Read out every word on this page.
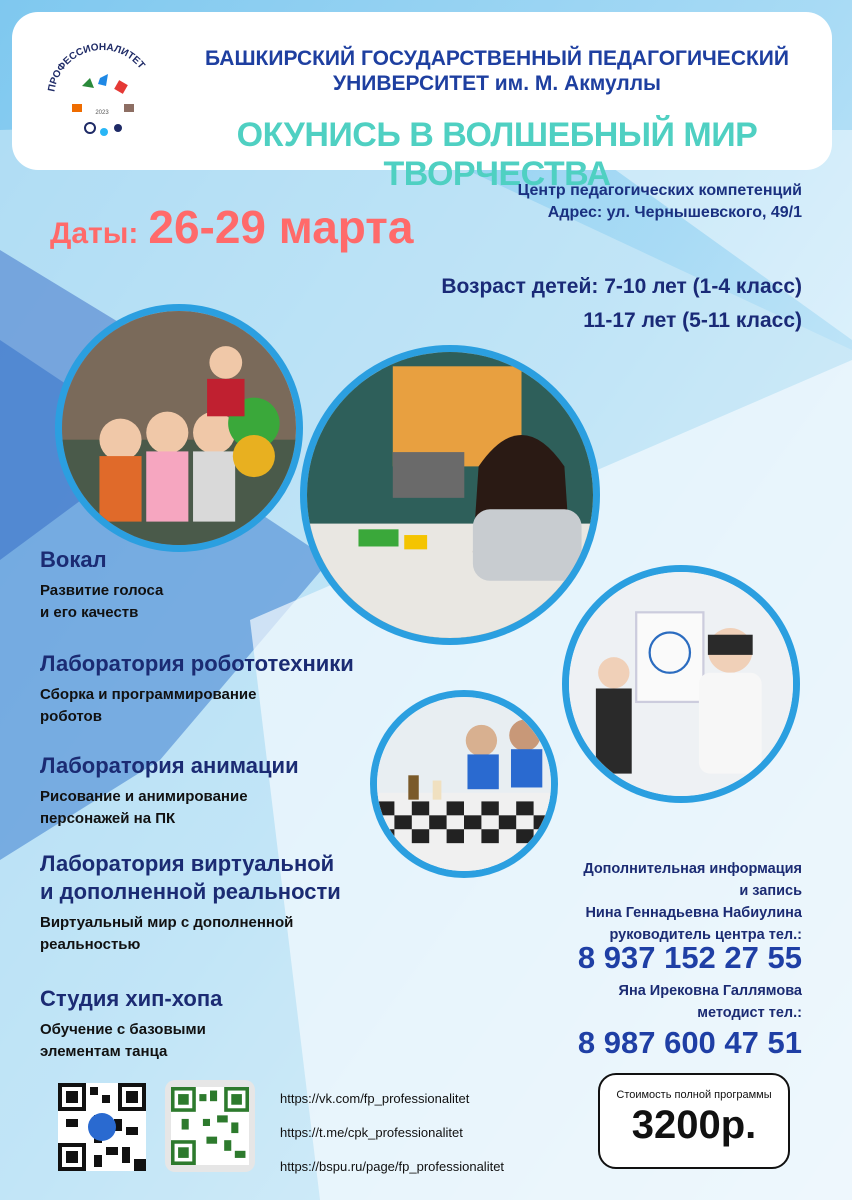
ПРОФЕССИОНАЛИТЕТ
2023
БАШКИРСКИЙ ГОСУДАРСТВЕННЫЙ ПЕДАГОГИЧЕСКИЙ
УНИВЕРСИТЕТ им. М. Акмуллы
ОКУНИСЬ В ВОЛШЕБНЫЙ МИР ТВОРЧЕСТВА
Центр педагогических компетенций
Адрес: ул. Чернышевского, 49/1
Даты: 26-29 марта
Возраст детей: 7-10 лет (1-4 класс)
11-17 лет (5-11 класс)
Вокал
Развитие голоса
и его качеств
Лаборатория робототехники
Сборка и программирование
роботов
Лаборатория анимации
Рисование и анимирование
персонажей на ПК
Лаборатория виртуальной
и дополненной реальности
Виртуальный мир с дополненной
реальностью
Студия хип-хопа
Обучение с базовыми
элементам танца
Дополнительная информация
и запись
Нина Геннадьевна Набиулина
руководитель центра тел.:
8 937 152 27 55
Яна Ирековна Галлямова
методист тел.:
8 987 600 47 51
https://vk.com/fp_professionalitet
https://t.me/cpk_professionalitet
https://bspu.ru/page/fp_professionalitet
Стоимость полной программы
3200р.
